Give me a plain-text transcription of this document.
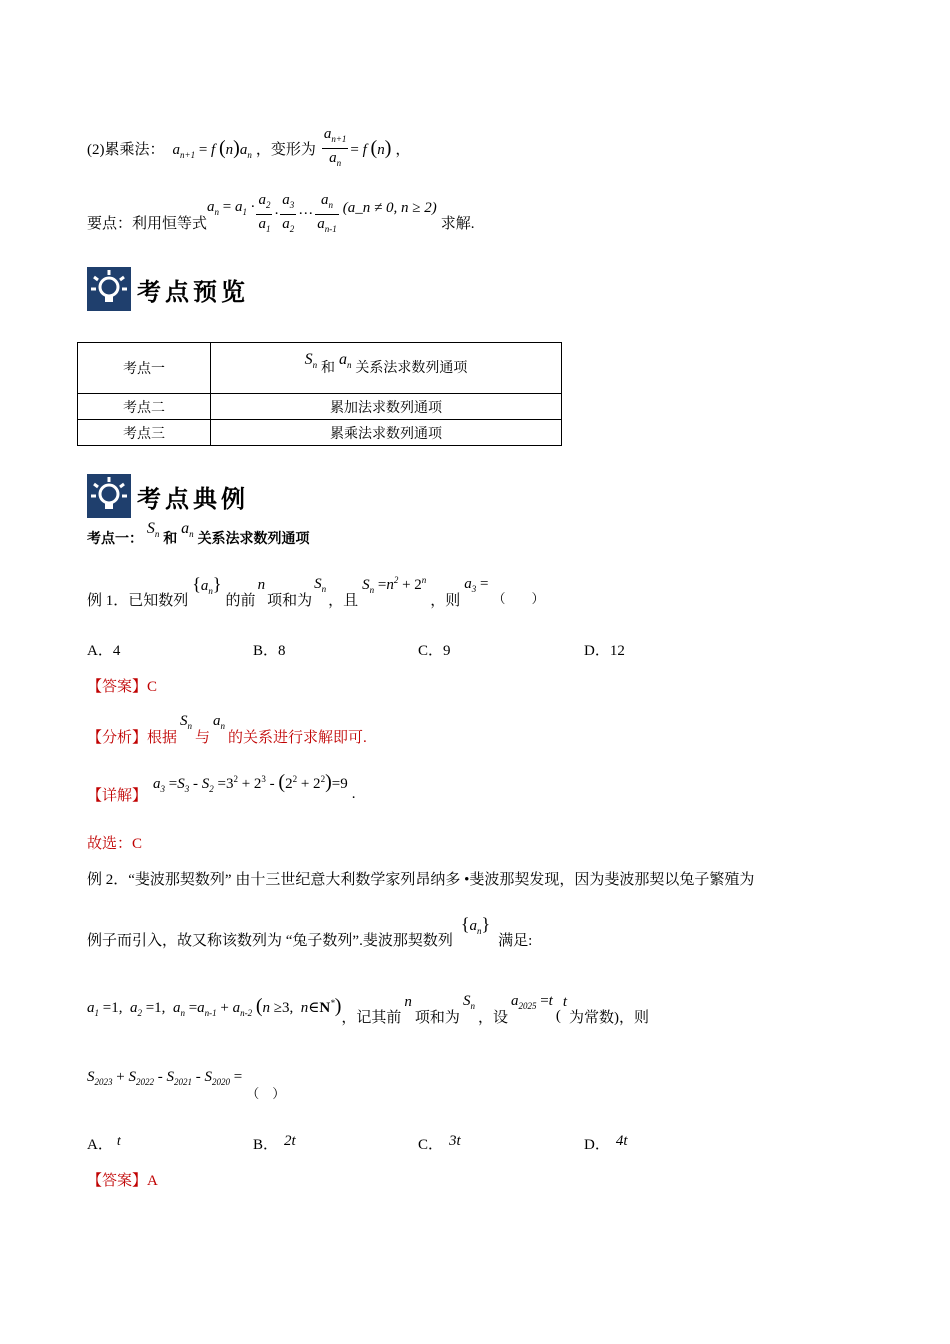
(2)累乘法： $a_{n+1} = f$ $(n)a_n$ ，变形为 $\frac{a_{n+1}}{a_n} = f$ (n) ，
要点：利用恒等式
$a_n = a_1 \cdot \frac{a_2}{a_1} \cdot \frac{a_3}{a_2}$ ··· $\frac{a_n}{a_{n-1}}$ (a_n ≠ 0, n ≥ 2)
求解.
考点预览
考点一	$S_n$ 和 $a_n$ 关系法求数列通项
考点二	累加法求数列通项
考点三	累乘法求数列通项
考点典例
考点一： $S_n$ 和 $a_n$ 关系法求数列通项
例 1．已知数列
$\{a_n\}$
的前
n
项和为
$S_n$
，且
$S_n =n^2 + 2^n$
，则
$a_3$ =
（　　）
A．4	B．8	C．9	D．12
【答案】C
【分析】根据
$S_n$
与
$a_n$
的关系进行求解即可.
【详解】
$a_3 =S_3 - S_2 =3^2 + 2^3 - (2^2 + 2^2)=9$
.
故选：C
例 2．“斐波那契数列” 由十三世纪意大利数学家列昂纳多 •斐波那契发现，因为斐波那契以兔子繁殖为
例子而引入，故又称该数列为 “兔子数列”.斐波那契数列
$\{a_n\}$
满足:
$a_1 =1$,  $a_2 =1$,  $a_n =a_{n-1} + a_{n-2}$ (n ≥3,  n∈N*)
，记其前
n
项和为
$S_n$
，设
$a_{2025} =t$
(
t
为常数)，则
$S_{2023} + S_{2022} - S_{2021} - S_{2020}$ =
（　）
A． t	B． 2t	C． 3t	D． 4t
【答案】A
